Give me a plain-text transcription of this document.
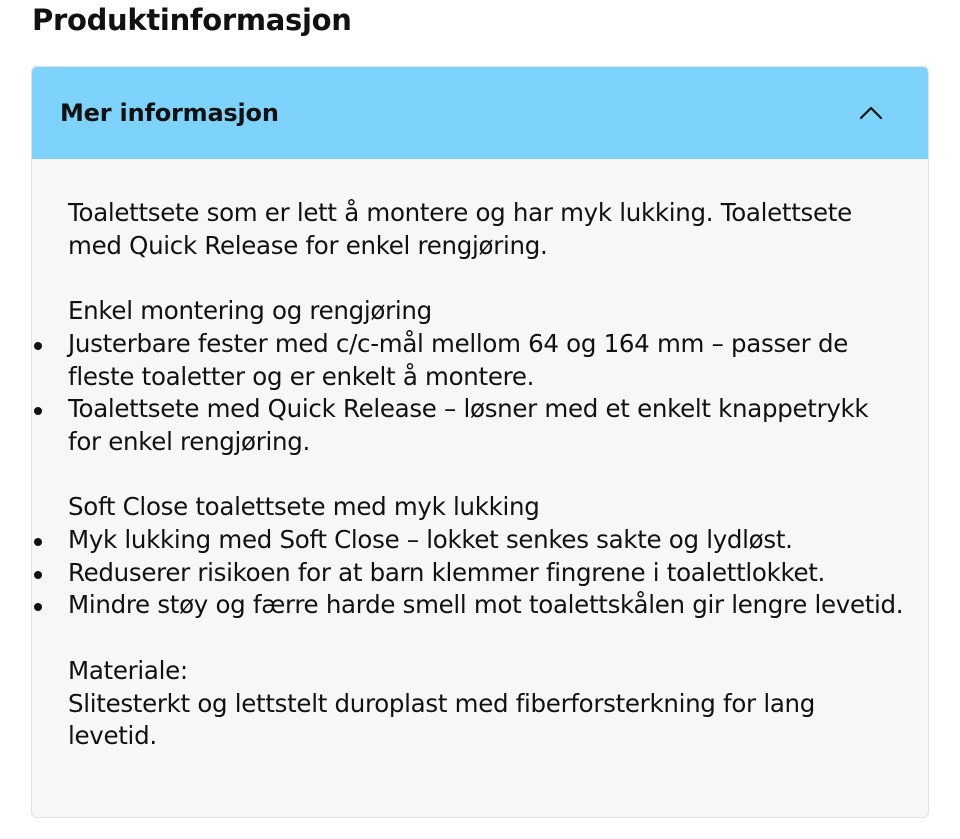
Produktinformasjon
Mer informasjon

Toalettsete som er lett å montere og har myk lukking. Toalettsete med Quick Release for enkel rengjøring.

Enkel montering og rengjøring

Justerbare fester med c/c-mål mellom 64 og 164 mm – passer de fleste toaletter og er enkelt å montere.
Toalettsete med Quick Release – løsner med et enkelt knappetrykk for enkel rengjøring.

Soft Close toalettsete med myk lukking

Myk lukking med Soft Close – lokket senkes sakte og lydløst.
Reduserer risikoen for at barn klemmer fingrene i toalettlokket.
Mindre støy og færre harde smell mot toalettskålen gir lengre levetid.

Materiale:

Slitesterkt og lettstelt duroplast med fiberforsterkning for lang levetid.
